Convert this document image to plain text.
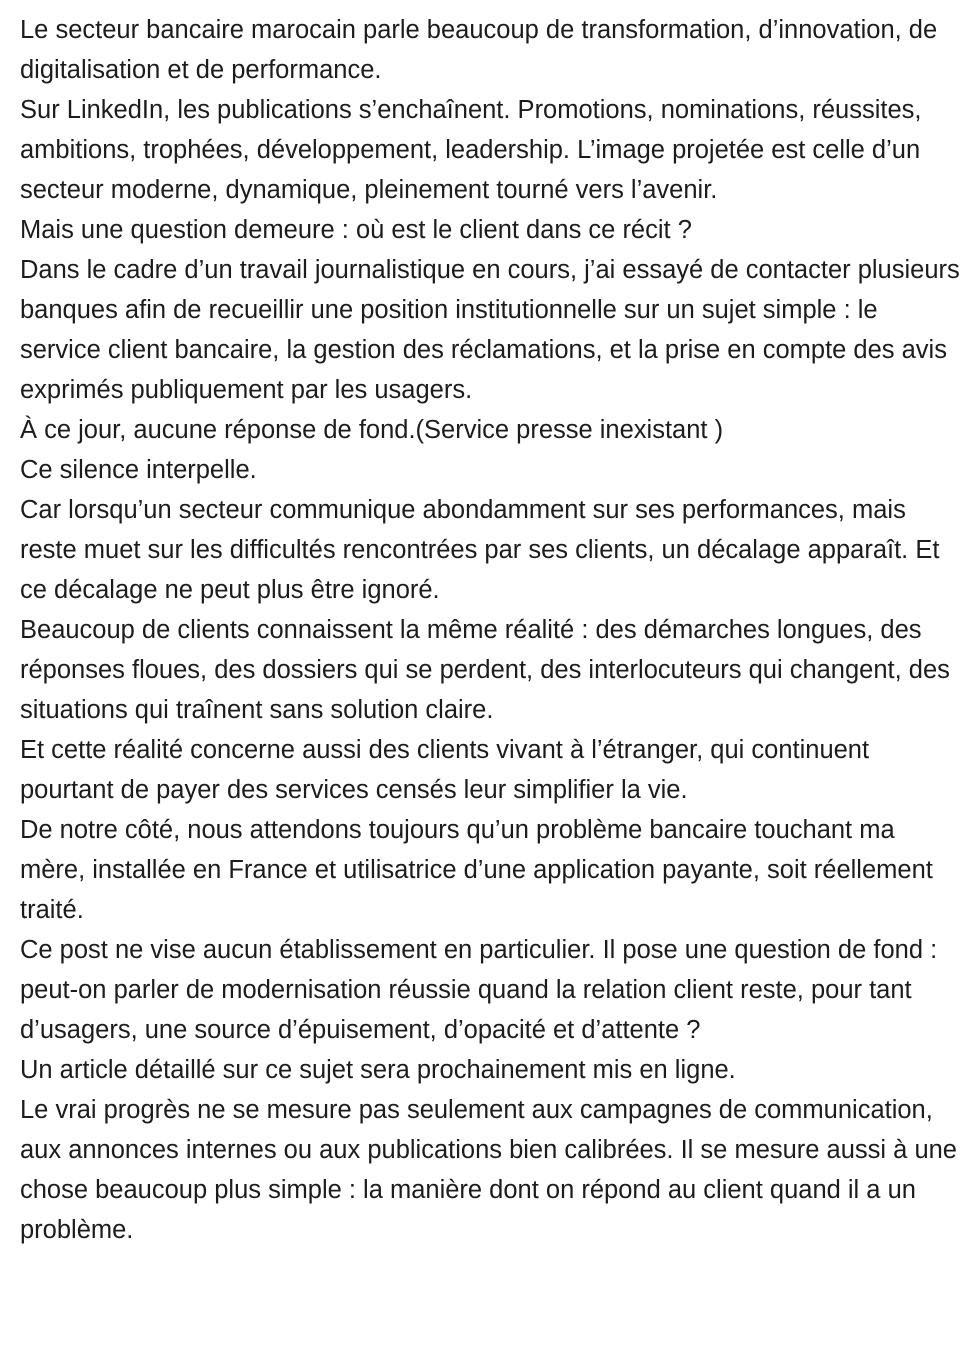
Le secteur bancaire marocain parle beaucoup de transformation, d’innovation, de digitalisation et de performance.

Sur LinkedIn, les publications s’enchaînent. Promotions, nominations, réussites, ambitions, trophées, développement, leadership. L’image projetée est celle d’un secteur moderne, dynamique, pleinement tourné vers l’avenir.

Mais une question demeure : où est le client dans ce récit ?

Dans le cadre d’un travail journalistique en cours, j’ai essayé de contacter plusieurs banques afin de recueillir une position institutionnelle sur un sujet simple : le service client bancaire, la gestion des réclamations, et la prise en compte des avis exprimés publiquement par les usagers.

À ce jour, aucune réponse de fond.(Service presse inexistant )

Ce silence interpelle.

Car lorsqu’un secteur communique abondamment sur ses performances, mais reste muet sur les difficultés rencontrées par ses clients, un décalage apparaît. Et ce décalage ne peut plus être ignoré.

Beaucoup de clients connaissent la même réalité : des démarches longues, des réponses floues, des dossiers qui se perdent, des interlocuteurs qui changent, des situations qui traînent sans solution claire.

Et cette réalité concerne aussi des clients vivant à l’étranger, qui continuent pourtant de payer des services censés leur simplifier la vie.

De notre côté, nous attendons toujours qu’un problème bancaire touchant ma mère, installée en France et utilisatrice d’une application payante, soit réellement traité.

Ce post ne vise aucun établissement en particulier. Il pose une question de fond : peut-on parler de modernisation réussie quand la relation client reste, pour tant d’usagers, une source d’épuisement, d’opacité et d’attente ?

Un article détaillé sur ce sujet sera prochainement mis en ligne.

Le vrai progrès ne se mesure pas seulement aux campagnes de communication, aux annonces internes ou aux publications bien calibrées. Il se mesure aussi à une chose beaucoup plus simple : la manière dont on répond au client quand il a un problème.
